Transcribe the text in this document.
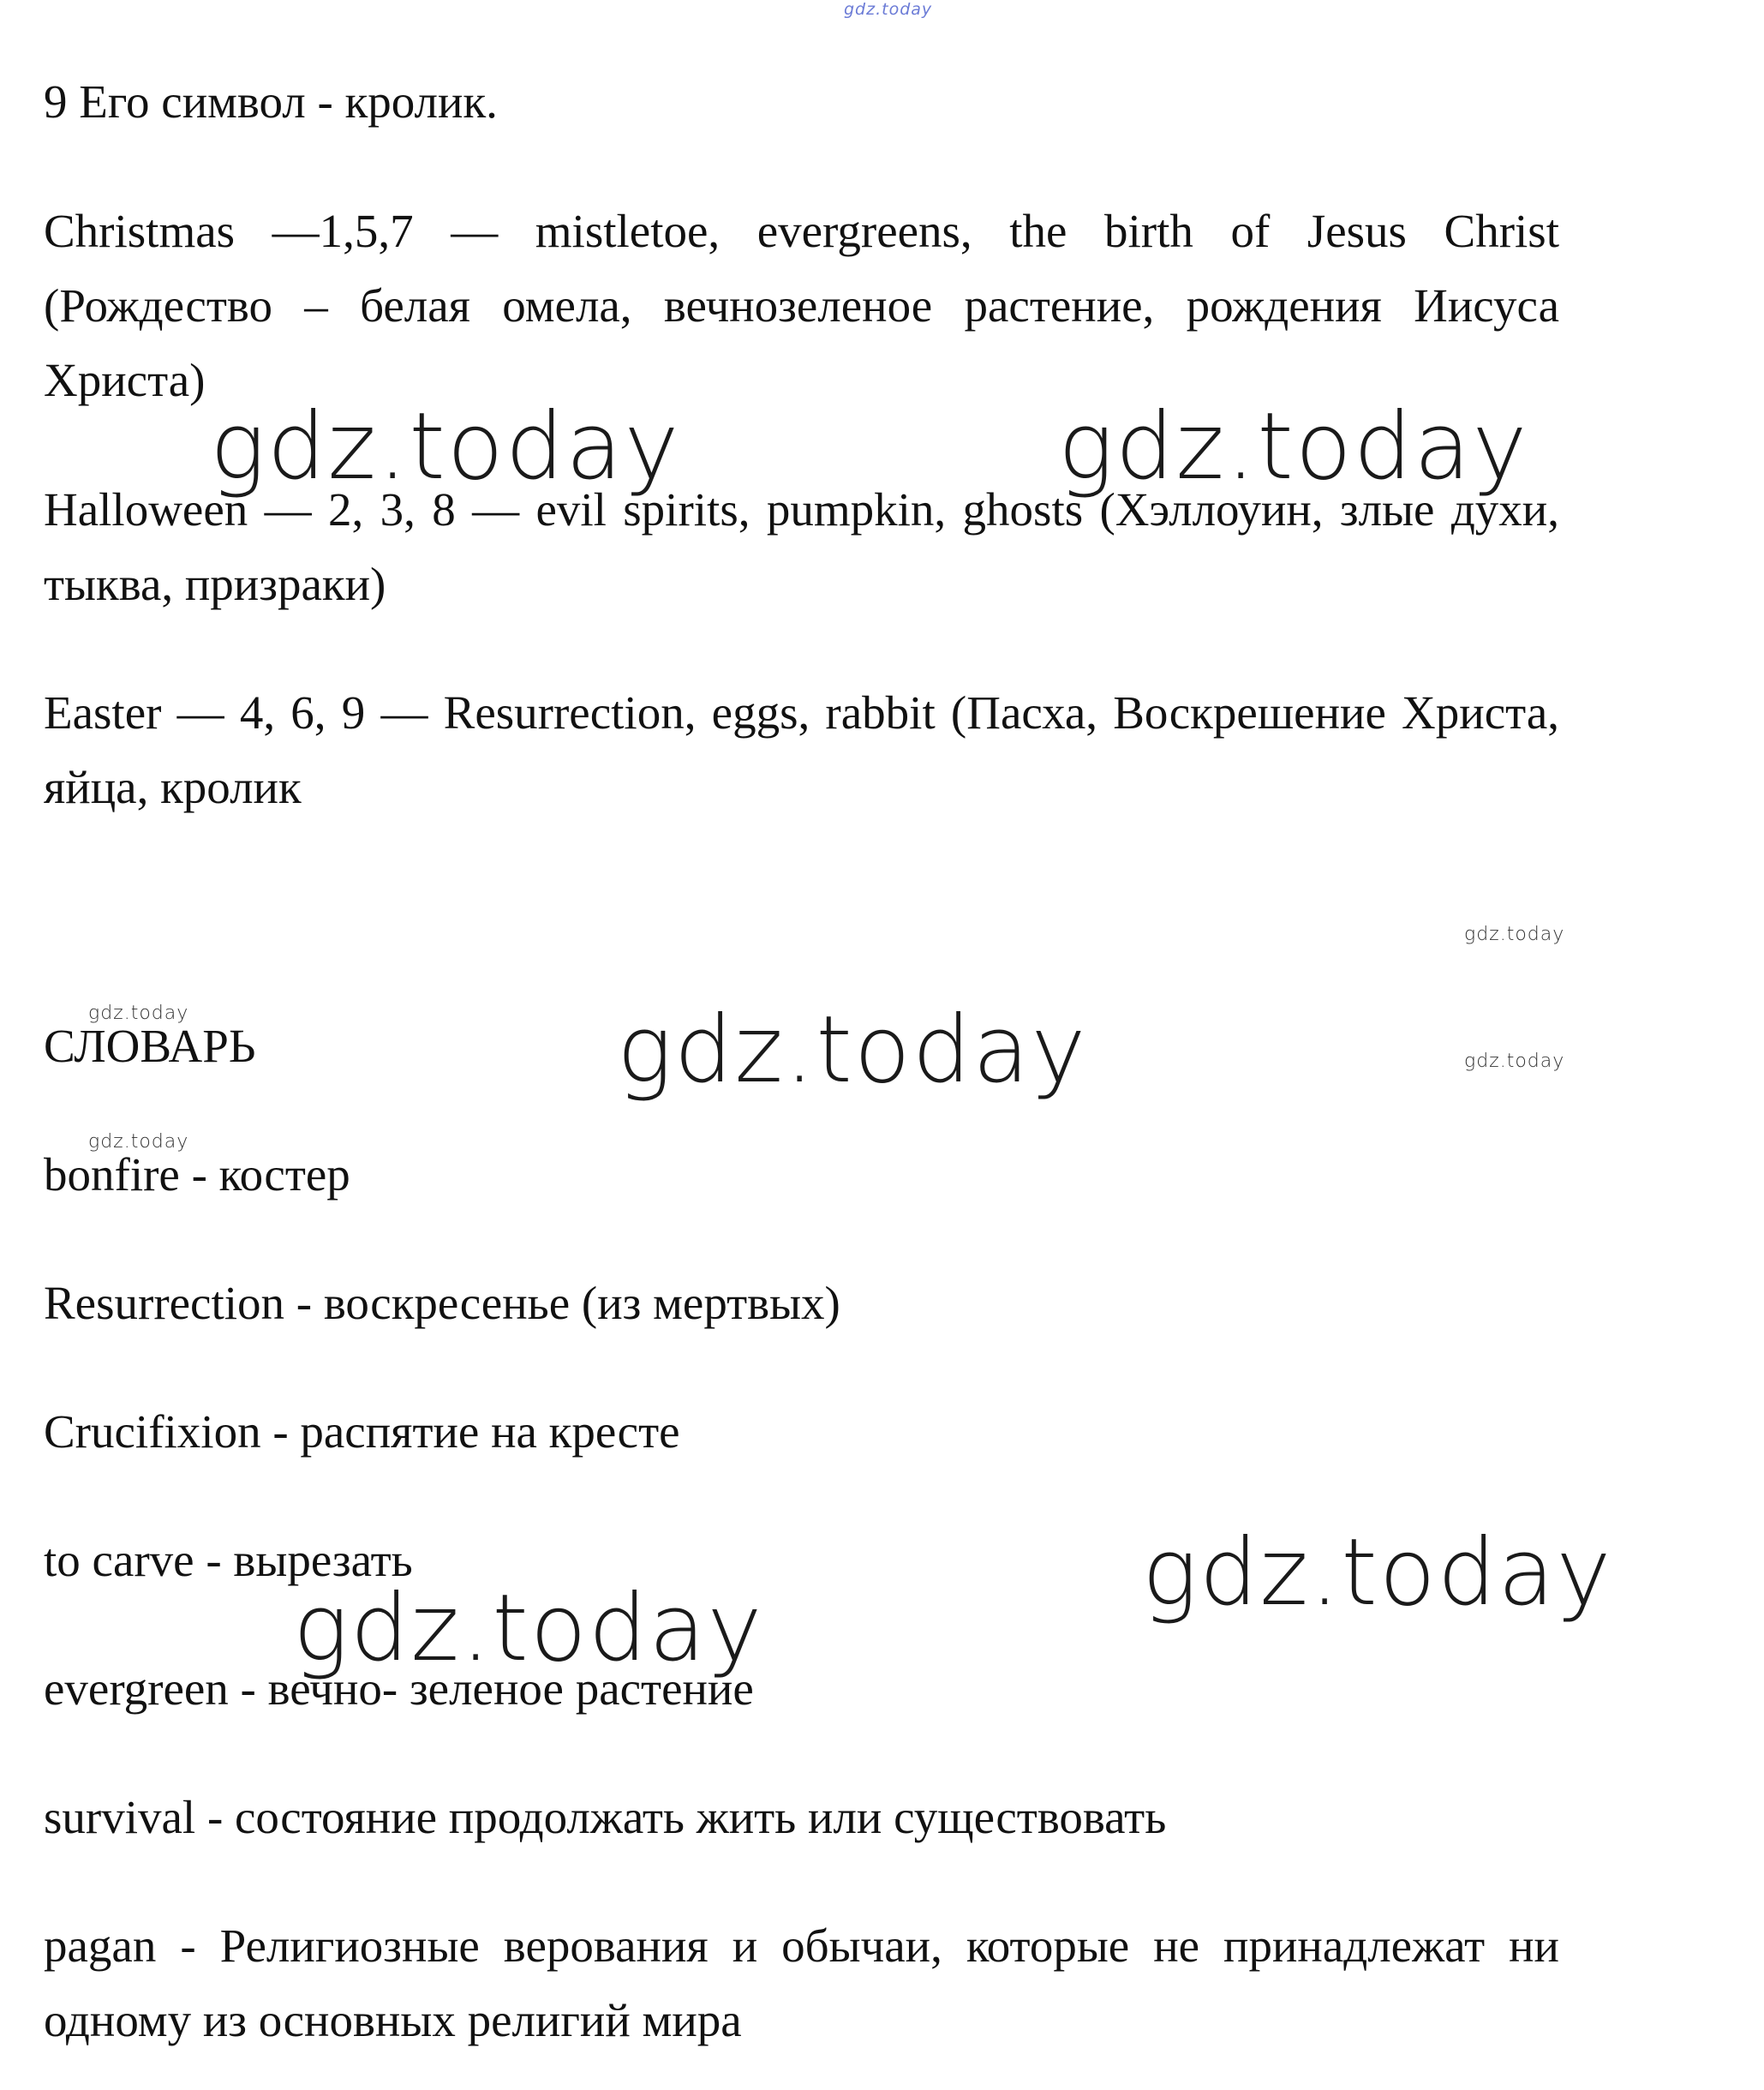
gdz.today

9 Его символ - кролик.

Christmas —1,5,7 — mistletoe, evergreens, the birth of Jesus Christ (Рождество – белая омела, вечнозеленое растение, рождения Иисуса Христа)

Halloween — 2, 3, 8 — evil spirits, pumpkin, ghosts (Хэллоуин, злые духи, тыква, призраки)

Easter — 4, 6, 9 — Resurrection, eggs, rabbit (Пасха, Воскрешение Христа, яйца, кролик

СЛОВАРЬ

bonfire - костер

Resurrection - воскресенье (из мертвых)

Crucifixion - распятие на кресте

to carve - вырезать

evergreen - вечно- зеленое растение

survival - состояние продолжать жить или существовать

pagan - Религиозные верования и обычаи, которые не принадлежат ни одному из основных религий мира

gdz.today	gdz.today
gdz.today
gdz.today
gdz.today
gdz.today
gdz.today
gdz.today
gdz.today
